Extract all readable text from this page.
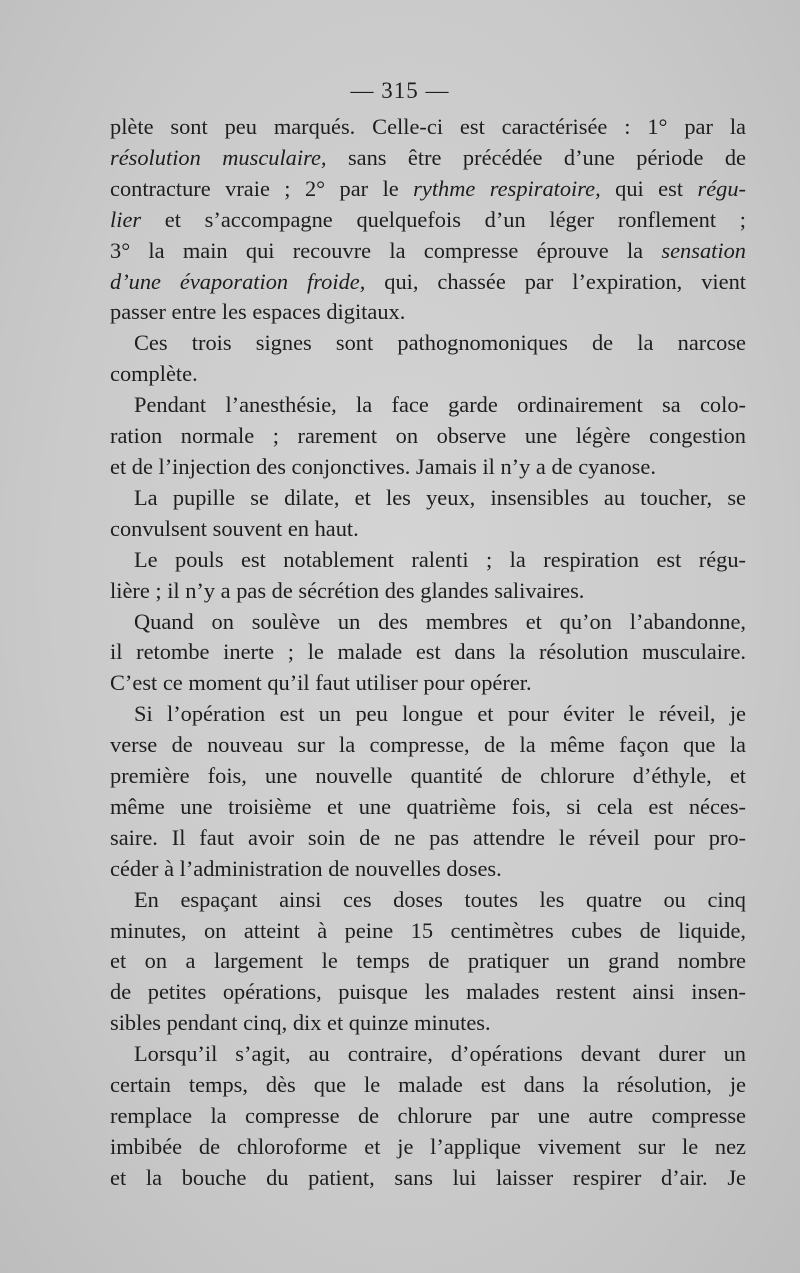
— 315 —
plète sont peu marqués. Celle-ci est caractérisée : 1° par la
résolution musculaire, sans être précédée d’une période de
contracture vraie ; 2° par le rythme respiratoire, qui est régu-
lier et s’accompagne quelquefois d’un léger ronflement ;
3° la main qui recouvre la compresse éprouve la sensation
d’une évaporation froide, qui, chassée par l’expiration, vient
passer entre les espaces digitaux.
Ces trois signes sont pathognomoniques de la narcose
complète.
Pendant l’anesthésie, la face garde ordinairement sa colo-
ration normale ; rarement on observe une légère congestion
et de l’injection des conjonctives. Jamais il n’y a de cyanose.
La pupille se dilate, et les yeux, insensibles au toucher, se
convulsent souvent en haut.
Le pouls est notablement ralenti ; la respiration est régu-
lière ; il n’y a pas de sécrétion des glandes salivaires.
Quand on soulève un des membres et qu’on l’abandonne,
il retombe inerte ; le malade est dans la résolution musculaire.
C’est ce moment qu’il faut utiliser pour opérer.
Si l’opération est un peu longue et pour éviter le réveil, je
verse de nouveau sur la compresse, de la même façon que la
première fois, une nouvelle quantité de chlorure d’éthyle, et
même une troisième et une quatrième fois, si cela est néces-
saire. Il faut avoir soin de ne pas attendre le réveil pour pro-
céder à l’administration de nouvelles doses.
En espaçant ainsi ces doses toutes les quatre ou cinq
minutes, on atteint à peine 15 centimètres cubes de liquide,
et on a largement le temps de pratiquer un grand nombre
de petites opérations, puisque les malades restent ainsi insen-
sibles pendant cinq, dix et quinze minutes.
Lorsqu’il s’agit, au contraire, d’opérations devant durer un
certain temps, dès que le malade est dans la résolution, je
remplace la compresse de chlorure par une autre compresse
imbibée de chloroforme et je l’applique vivement sur le nez
et la bouche du patient, sans lui laisser respirer d’air. Je
